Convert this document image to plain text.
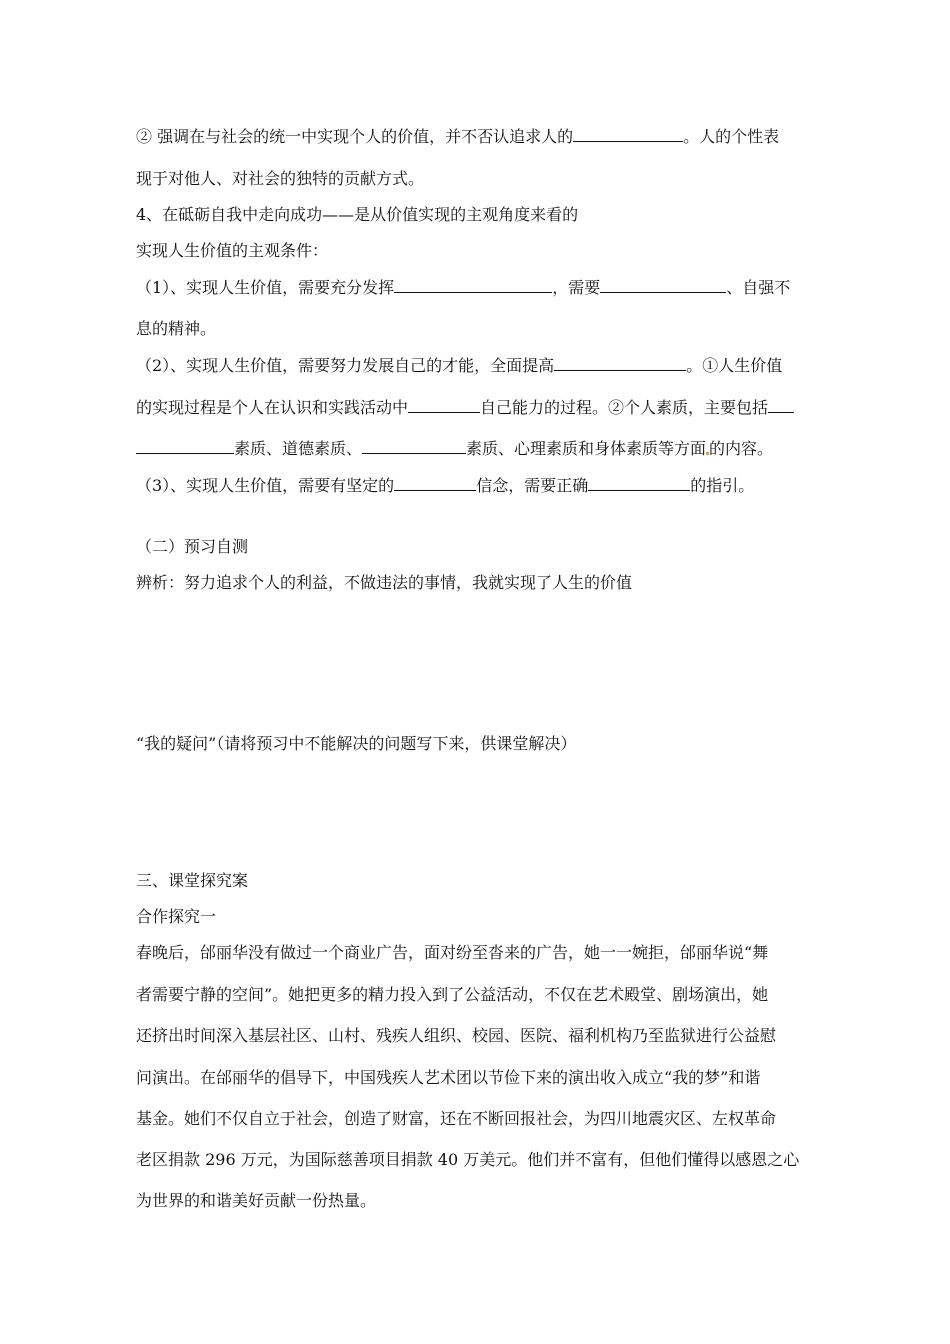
② 强调在与社会的统一中实现个人的价值，并不否认追求人的	。人的个性表
现于对他人、对社会的独特的贡献方式。
4、在砥砺自我中走向成功——是从价值实现的主观角度来看的
实现人生价值的主观条件：
（1）、实现人生价值，需要充分发挥	，需要	、自强不
息的精神。
（2）、实现人生价值，需要努力发展自己的才能，全面提高	。①人生价值
的实现过程是个人在认识和实践活动中	自己能力的过程。②个人素质，主要包括
素质、道德素质、	素质、心理素质和身体素质等方面 的内容。
（3）、实现人生价值，需要有坚定的	信念，需要正确	的指引。
（二）预习自测
辨析：努力追求个人的利益，不做违法的事情，我就实现了人生的价值
“我的疑问”（请将预习中不能解决的问题写下来，供课堂解决）
三、课堂探究案
合作探究一
春晚后，邰丽华没有做过一个商业广告，面对纷至沓来的广告，她一一婉拒，邰丽华说“舞
者需要宁静的空间”。她把更多的精力投入到了公益活动，不仅在艺术殿堂、剧场演出，她
还挤出时间深入基层社区、山村、残疾人组织、校园、医院、福利机构乃至监狱进行公益慰
问演出。在邰丽华的倡导下，中国残疾人艺术团以节俭下来的演出收入成立“我的梦”和谐
基金。她们不仅自立于社会，创造了财富，还在不断回报社会，为四川地震灾区、左权革命
老区捐款 296 万元，为国际慈善项目捐款 40 万美元。他们并不富有，但他们懂得以感恩之心
为世界的和谐美好贡献一份热量。
